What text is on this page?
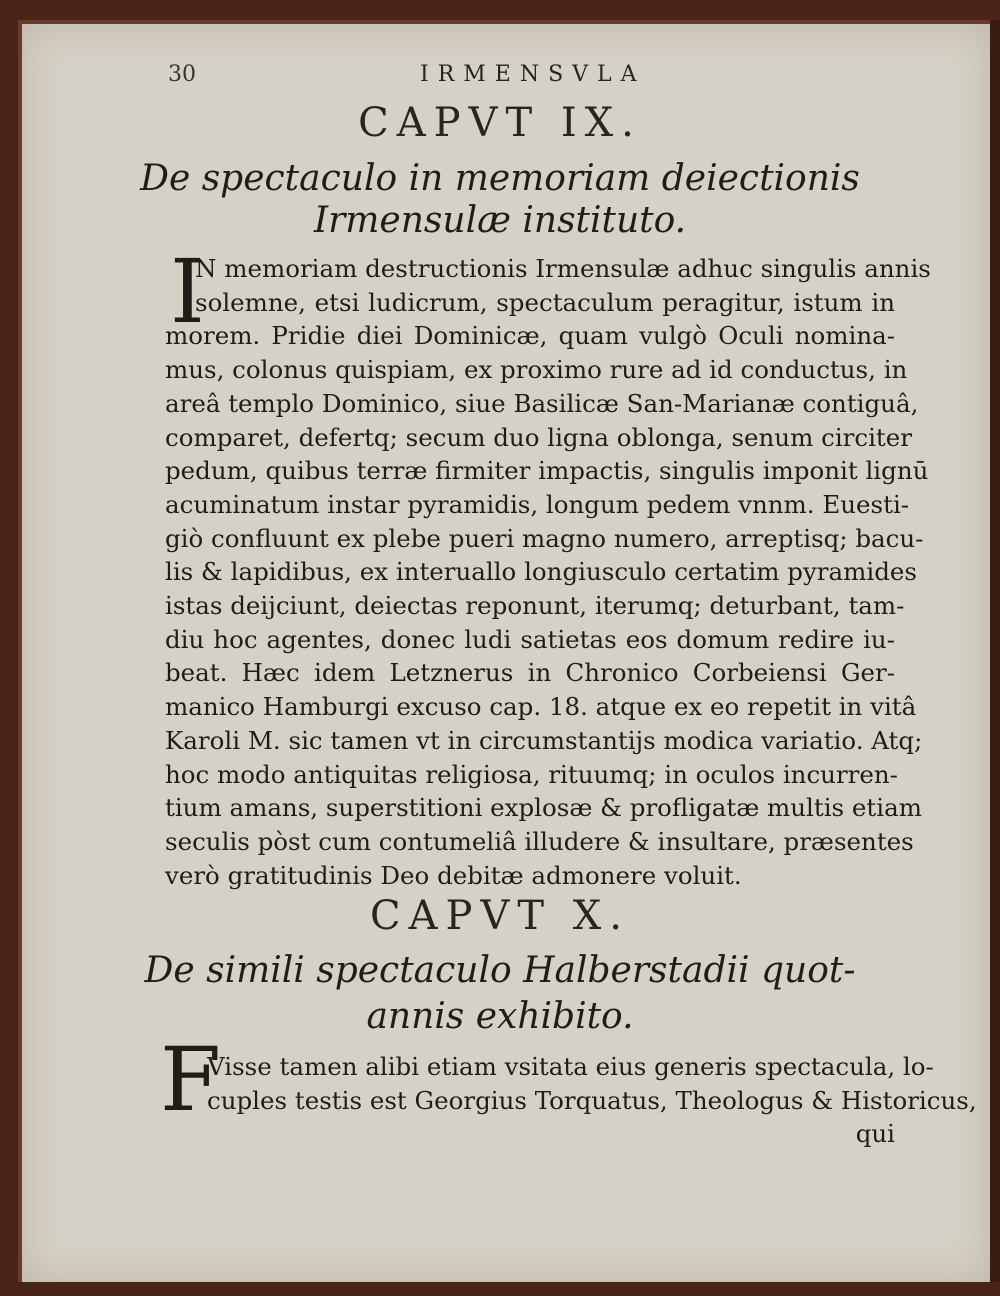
30	IRMENSVLA
CAPVT IX.
De spectaculo in memoriam deiectionis
Irmensulæ instituto.
I
N memoriam destructionis Irmensulæ adhuc singulis annis
solemne, etsi ludicrum, spectaculum peragitur, istum in
morem. Pridie diei Dominicæ, quam vulgò Oculi nomina-
mus, colonus quispiam, ex proximo rure ad id conductus, in
areâ templo Dominico, siue Basilicæ San-Marianæ contiguâ,
comparet, defertq; secum duo ligna oblonga, senum circiter
pedum, quibus terræ firmiter impactis, singulis imponit lignū
acuminatum instar pyramidis, longum pedem vnnm. Euesti-
giò confluunt ex plebe pueri magno numero, arreptisq; bacu-
lis & lapidibus, ex interuallo longiusculo certatim pyramides
istas deijciunt, deiectas reponunt, iterumq; deturbant, tam-
diu hoc agentes, donec ludi satietas eos domum redire iu-
beat. Hæc idem Letznerus in Chronico Corbeiensi Ger-
manico Hamburgi excuso cap. 18. atque ex eo repetit in vitâ
Karoli M. sic tamen vt in circumstantijs modica variatio. Atq;
hoc modo antiquitas religiosa, rituumq; in oculos incurren-
tium amans, superstitioni explosæ & profligatæ multis etiam
seculis pòst cum contumeliâ illudere & insultare, præsentes
verò gratitudinis Deo debitæ admonere voluit.
CAPVT X.
De simili spectaculo Halberstadii quot-
annis exhibito.
F
Visse tamen alibi etiam vsitata eius generis spectacula, lo-
cuples testis est Georgius Torquatus, Theologus & Historicus,
qui
